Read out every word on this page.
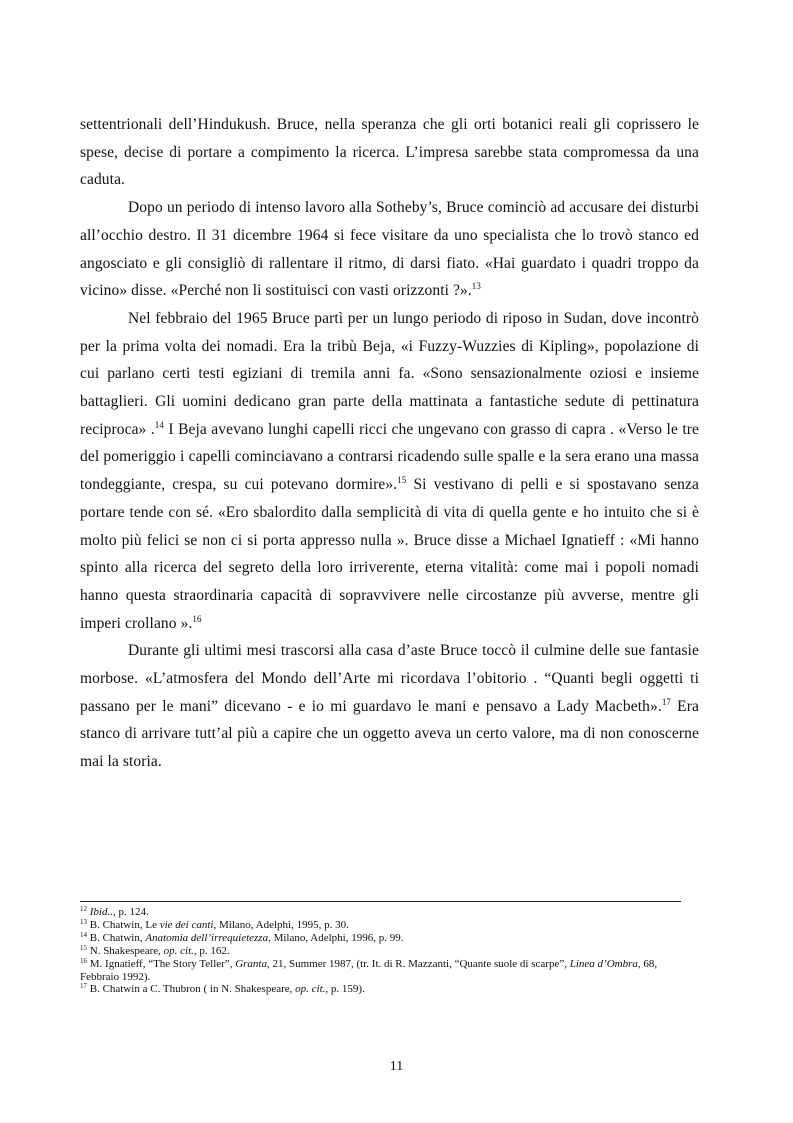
settentrionali dell’Hindukush. Bruce, nella speranza che gli orti botanici reali gli coprissero le spese, decise di portare a compimento la ricerca. L’impresa sarebbe stata compromessa da una caduta.

Dopo un periodo di intenso lavoro alla Sotheby’s, Bruce cominciò ad accusare dei disturbi all’occhio destro. Il 31 dicembre 1964 si fece visitare da uno specialista che lo trovò stanco ed angosciato e gli consigliò di rallentare il ritmo, di darsi fiato. «Hai guardato i quadri troppo da vicino» disse. «Perché non li sostituisci con vasti orizzonti ?».$^{13}$

Nel febbraio del 1965 Bruce partì per un lungo periodo di riposo in Sudan, dove incontrò per la prima volta dei nomadi. Era la tribù Beja, «i Fuzzy-Wuzzies di Kipling», popolazione di cui parlano certi testi egiziani di tremila anni fa. «Sono sensazionalmente oziosi e insieme battaglieri. Gli uomini dedicano gran parte della mattinata a fantastiche sedute di pettinatura reciproca» .$^{14}$ I Beja avevano lunghi capelli ricci che ungevano con grasso di capra . «Verso le tre del pomeriggio i capelli cominciavano a contrarsi ricadendo sulle spalle e la sera erano una massa tondeggiante, crespa, su cui potevano dormire».$^{15}$ Si vestivano di pelli e si spostavano senza portare tende con sé. «Ero sbalordito dalla semplicità di vita di quella gente e ho intuito che si è molto più felici se non ci si porta appresso nulla ». Bruce disse a Michael Ignatieff : «Mi hanno spinto alla ricerca del segreto della loro irriverente, eterna vitalità: come mai i popoli nomadi hanno questa straordinaria capacità di sopravvivere nelle circostanze più avverse, mentre gli imperi crollano ».$^{16}$

Durante gli ultimi mesi trascorsi alla casa d’aste Bruce toccò il culmine delle sue fantasie morbose. «L’atmosfera del Mondo dell’Arte mi ricordava l’obitorio . “Quanti begli oggetti ti passano per le mani” dicevano - e io mi guardavo le mani e pensavo a Lady Macbeth».$^{17}$ Era stanco di arrivare tutt’al più a capire che un oggetto aveva un certo valore, ma di non conoscerne mai la storia.

$^{12}$ Ibid.., p. 124.

$^{13}$ B. Chatwin, Le vie dei canti, Milano, Adelphi, 1995, p. 30.

$^{14}$ B. Chatwin, Anatomia dell’irrequietezza, Milano, Adelphi, 1996, p. 99.

$^{15}$ N. Shakespeare, op. cit., p. 162.

$^{16}$ M. Ignatieff, “The Story Teller”, Granta, 21, Summer 1987, (tr. It. di R. Mazzanti, “Quante suole di scarpe”, Linea d’Ombra, 68, Febbraio 1992).

$^{17}$ B. Chatwin a C. Thubron ( in N. Shakespeare, op. cit., p. 159).

11
